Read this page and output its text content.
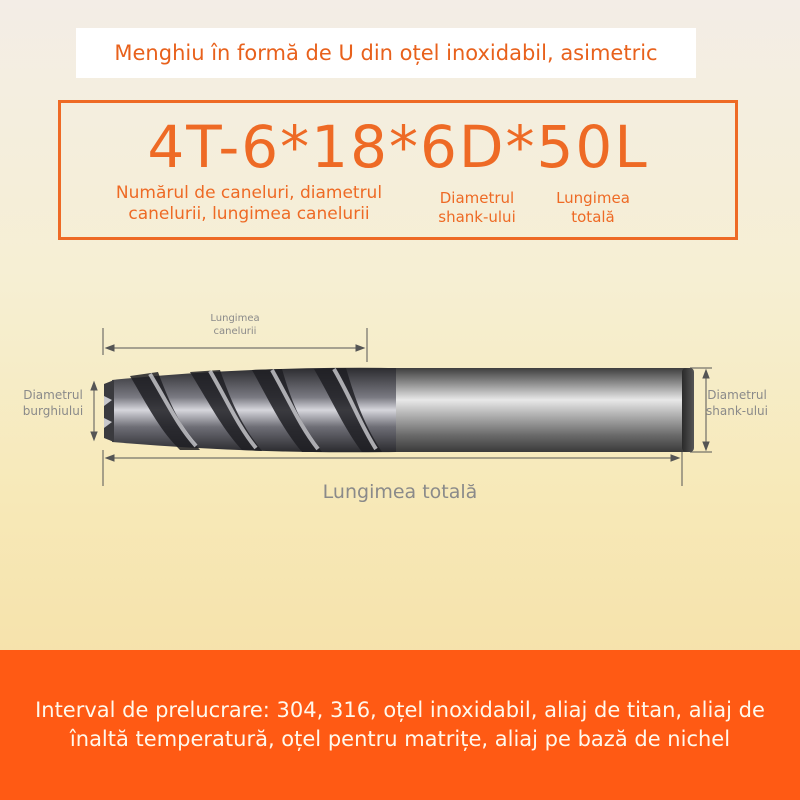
Menghiu în formă de U din oțel inoxidabil, asimetric
4T-6*18*6D*50L
Numărul de caneluri, diametrul canelurii, lungimea canelurii
Diametrul shank-ului
Lungimea totală
Lungimea canelurii
Diametrul burghiului
Diametrul shank-ului
Lungimea totală
Interval de prelucrare: 304, 316, oțel inoxidabil, aliaj de titan, aliaj de înaltă temperatură, oțel pentru matrițe, aliaj pe bază de nichel
